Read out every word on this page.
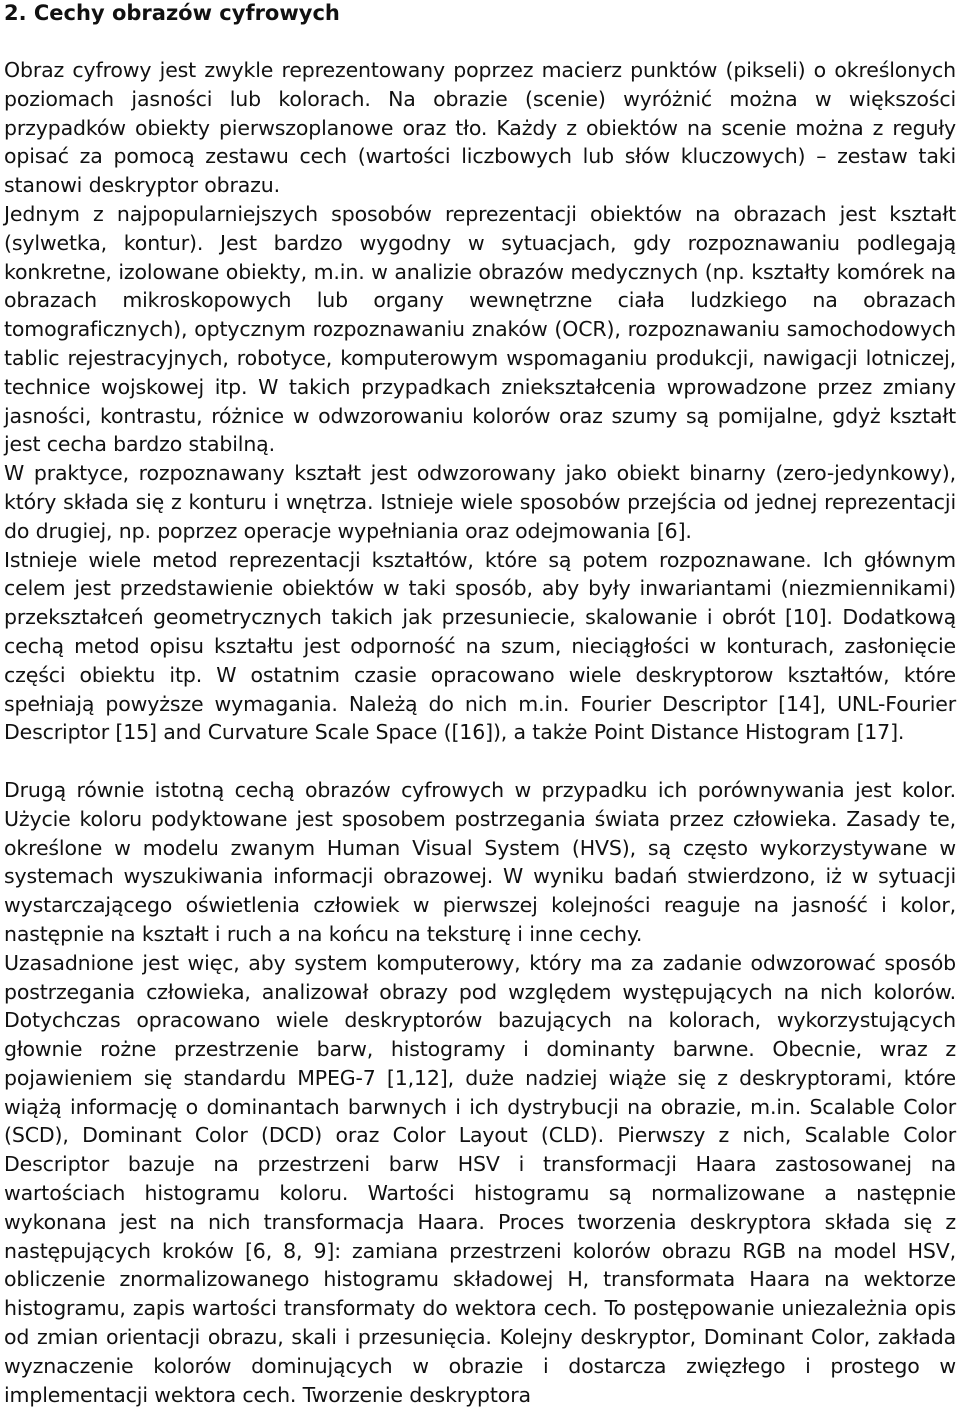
2. Cechy obrazów cyfrowych

Obraz cyfrowy jest zwykle reprezentowany poprzez macierz punktów (pikseli) o określonych poziomach jasności lub kolorach. Na obrazie (scenie) wyróżnić można w większości przypadków obiekty pierwszoplanowe oraz tło. Każdy z obiektów na scenie można z reguły opisać za pomocą zestawu cech (wartości liczbowych lub słów kluczowych) – zestaw taki stanowi deskryptor obrazu.

Jednym z najpopularniejszych sposobów reprezentacji obiektów na obrazach jest kształt (sylwetka, kontur). Jest bardzo wygodny w sytuacjach, gdy rozpoznawaniu podlegają konkretne, izolowane obiekty, m.in. w analizie obrazów medycznych (np. kształty komórek na obrazach mikroskopowych lub organy wewnętrzne ciała ludzkiego na obrazach tomograficznych), optycznym rozpoznawaniu znaków (OCR), rozpoznawaniu samochodowych tablic rejestracyjnych, robotyce, komputerowym wspomaganiu produkcji, nawigacji lotniczej, technice wojskowej itp. W takich przypadkach zniekształcenia wprowadzone przez zmiany jasności, kontrastu, różnice w odwzorowaniu kolorów oraz szumy są pomijalne, gdyż kształt jest cecha bardzo stabilną.

W praktyce, rozpoznawany kształt jest odwzorowany jako obiekt binarny (zero-jedynkowy), który składa się z konturu i wnętrza. Istnieje wiele sposobów przejścia od jednej reprezentacji do drugiej, np. poprzez operacje wypełniania oraz odejmowania [6].

Istnieje wiele metod reprezentacji kształtów, które są potem rozpoznawane. Ich głównym celem jest przedstawienie obiektów w taki sposób, aby były inwariantami (niezmiennikami) przekształceń geometrycznych takich jak przesuniecie, skalowanie i obrót [10]. Dodatkową cechą metod opisu kształtu jest odporność na szum, nieciągłości w konturach, zasłonięcie części obiektu itp. W ostatnim czasie opracowano wiele deskryptorow kształtów, które spełniają powyższe wymagania. Należą do nich m.in. Fourier Descriptor [14], UNL-Fourier Descriptor [15] and Curvature Scale Space ([16]), a także Point Distance Histogram [17].

Drugą równie istotną cechą obrazów cyfrowych w przypadku ich porównywania jest kolor. Użycie koloru podyktowane jest sposobem postrzegania świata przez człowieka. Zasady te, określone w modelu zwanym Human Visual System (HVS), są często wykorzystywane w systemach wyszukiwania informacji obrazowej. W wyniku badań stwierdzono, iż w sytuacji wystarczającego oświetlenia człowiek w pierwszej kolejności reaguje na jasność i kolor, następnie na kształt i ruch a na końcu na teksturę i inne cechy.

Uzasadnione jest więc, aby system komputerowy, który ma za zadanie odwzorować sposób postrzegania człowieka, analizował obrazy pod względem występujących na nich kolorów. Dotychczas opracowano wiele deskryptorów bazujących na kolorach, wykorzystujących głownie rożne przestrzenie barw, histogramy i dominanty barwne. Obecnie, wraz z pojawieniem się standardu MPEG-7 [1,12], duże nadziej wiąże się z deskryptorami, które wiążą informację o dominantach barwnych i ich dystrybucji na obrazie, m.in. Scalable Color (SCD), Dominant Color (DCD) oraz Color Layout (CLD). Pierwszy z nich, Scalable Color Descriptor bazuje na przestrzeni barw HSV i transformacji Haara zastosowanej na wartościach histogramu koloru. Wartości histogramu są normalizowane a następnie wykonana jest na nich transformacja Haara. Proces tworzenia deskryptora składa się z następujących kroków [6, 8, 9]: zamiana przestrzeni kolorów obrazu RGB na model HSV, obliczenie znormalizowanego histogramu składowej H, transformata Haara na wektorze histogramu, zapis wartości transformaty do wektora cech. To postępowanie uniezależnia opis od zmian orientacji obrazu, skali i przesunięcia. Kolejny deskryptor, Dominant Color, zakłada wyznaczenie kolorów dominujących w obrazie i dostarcza zwięzłego i prostego w implementacji wektora cech. Tworzenie deskryptora
